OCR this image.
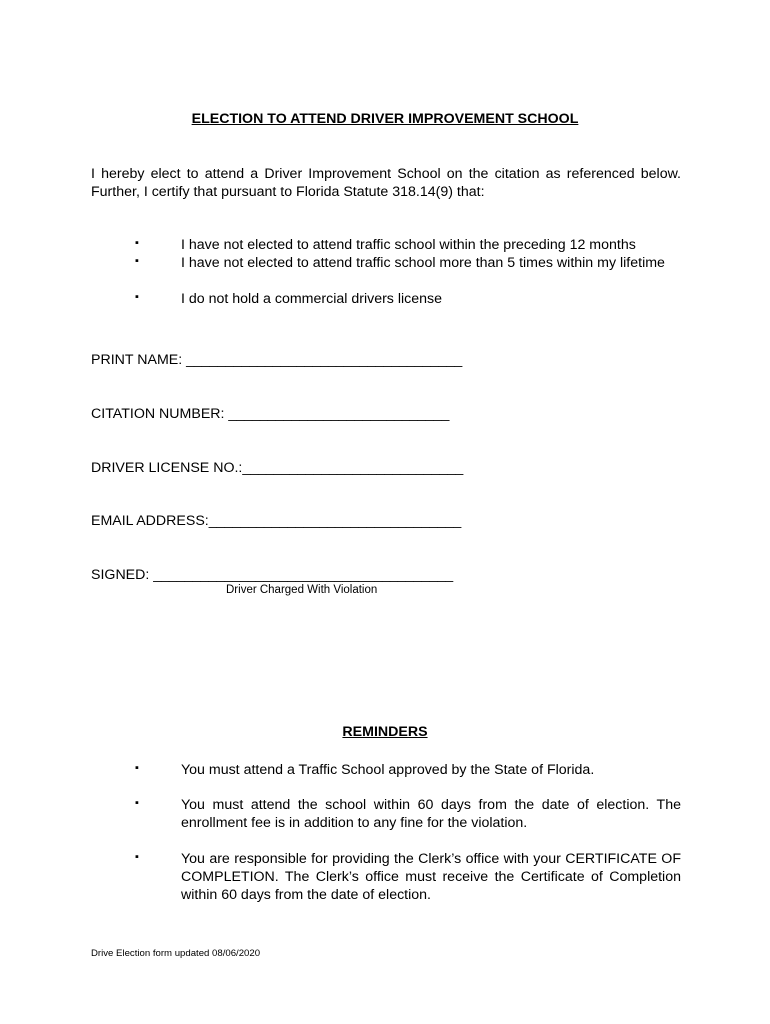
ELECTION TO ATTEND DRIVER IMPROVEMENT SCHOOL
I hereby elect to attend a Driver Improvement School on the citation as referenced below. Further, I certify that pursuant to Florida Statute 318.14(9) that:
▪	I have not elected to attend traffic school within the preceding 12 months
▪	I have not elected to attend traffic school more than 5 times within my lifetime
▪	I do not hold a commercial drivers license
PRINT NAME: ___________________________________
CITATION NUMBER: ____________________________
DRIVER LICENSE NO.:____________________________
EMAIL ADDRESS:________________________________
SIGNED: ______________________________________
Driver Charged With Violation
REMINDERS
▪	You must attend a Traffic School approved by the State of Florida.
▪	You must attend the school within 60 days from the date of election. The enrollment fee is in addition to any fine for the violation.
▪	You are responsible for providing the Clerk’s office with your CERTIFICATE OF COMPLETION. The Clerk’s office must receive the Certificate of Completion within 60 days from the date of election.
Drive Election form updated 08/06/2020
